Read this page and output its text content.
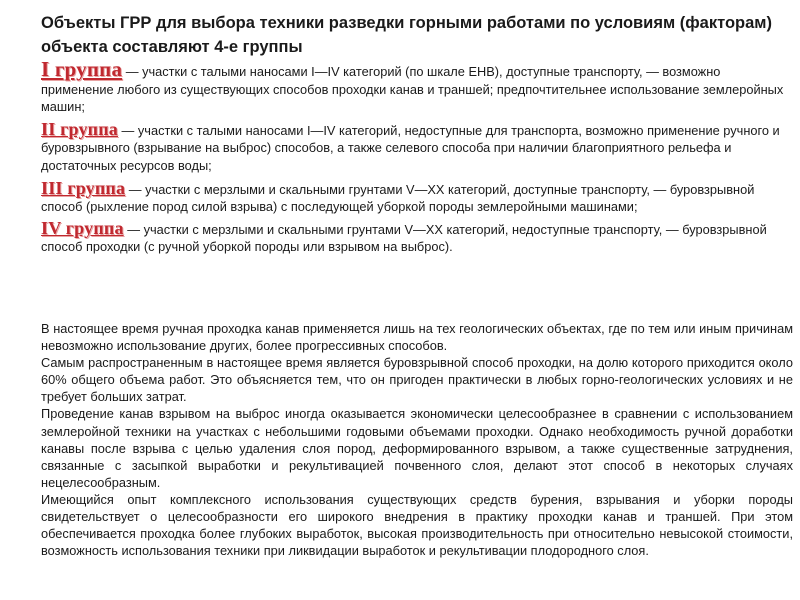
Объекты ГРР для выбора техники разведки горными работами по условиям (факторам) объекта составляют 4-е группы

I группа — участки с талыми наносами I—IV категорий (по шкале ЕНВ), доступные транспорту, — возможно применение любого из существующих способов проходки канав и траншей; предпочтительнее использование землеройных машин;

II группа — участки с талыми наносами I—IV категорий, недоступные для транспорта, возможно применение ручного и буровзрывного (взрывание на выброс) способов, а также селевого способа при наличии благоприятного рельефа и достаточных ресурсов воды;

III группа — участки с мерзлыми и скальными грунтами V—XX категорий, доступные транспорту, — буровзрывной способ (рыхление пород силой взрыва) с последующей уборкой породы землеройными машинами;

IV группа — участки с мерзлыми и скальными грунтами V—XX категорий, недоступные транспорту, — буровзрывной способ проходки (с ручной уборкой породы или взрывом на выброс).

В настоящее время ручная проходка канав применяется лишь на тех геологических объектах, где по тем или иным причинам невозможно использование других, более прогрессивных способов.

Самым распространенным в настоящее время является буровзрывной способ проходки, на долю которого приходится около 60% общего объема работ. Это объясняется тем, что он пригоден практически в любых горно-геологических условиях и не требует больших затрат.

Проведение канав взрывом на выброс иногда оказывается экономически целесообразнее в сравнении с использованием землеройной техники на участках с небольшими годовыми объемами проходки. Однако необходимость ручной доработки канавы после взрыва с целью удаления слоя пород, деформированного взрывом, а также существенные затруднения, связанные с засыпкой выработки и рекультивацией почвенного слоя, делают этот способ в некоторых случаях нецелесообразным.

Имеющийся опыт комплексного использования существующих средств бурения, взрывания и уборки породы свидетельствует о целесообразности его широкого внедрения в практику проходки канав и траншей. При этом обеспечивается проходка более глубоких выработок, высокая производительность при относительно невысокой стоимости, возможность использования техники при ликвидации выработок и рекультивации плодородного слоя.
